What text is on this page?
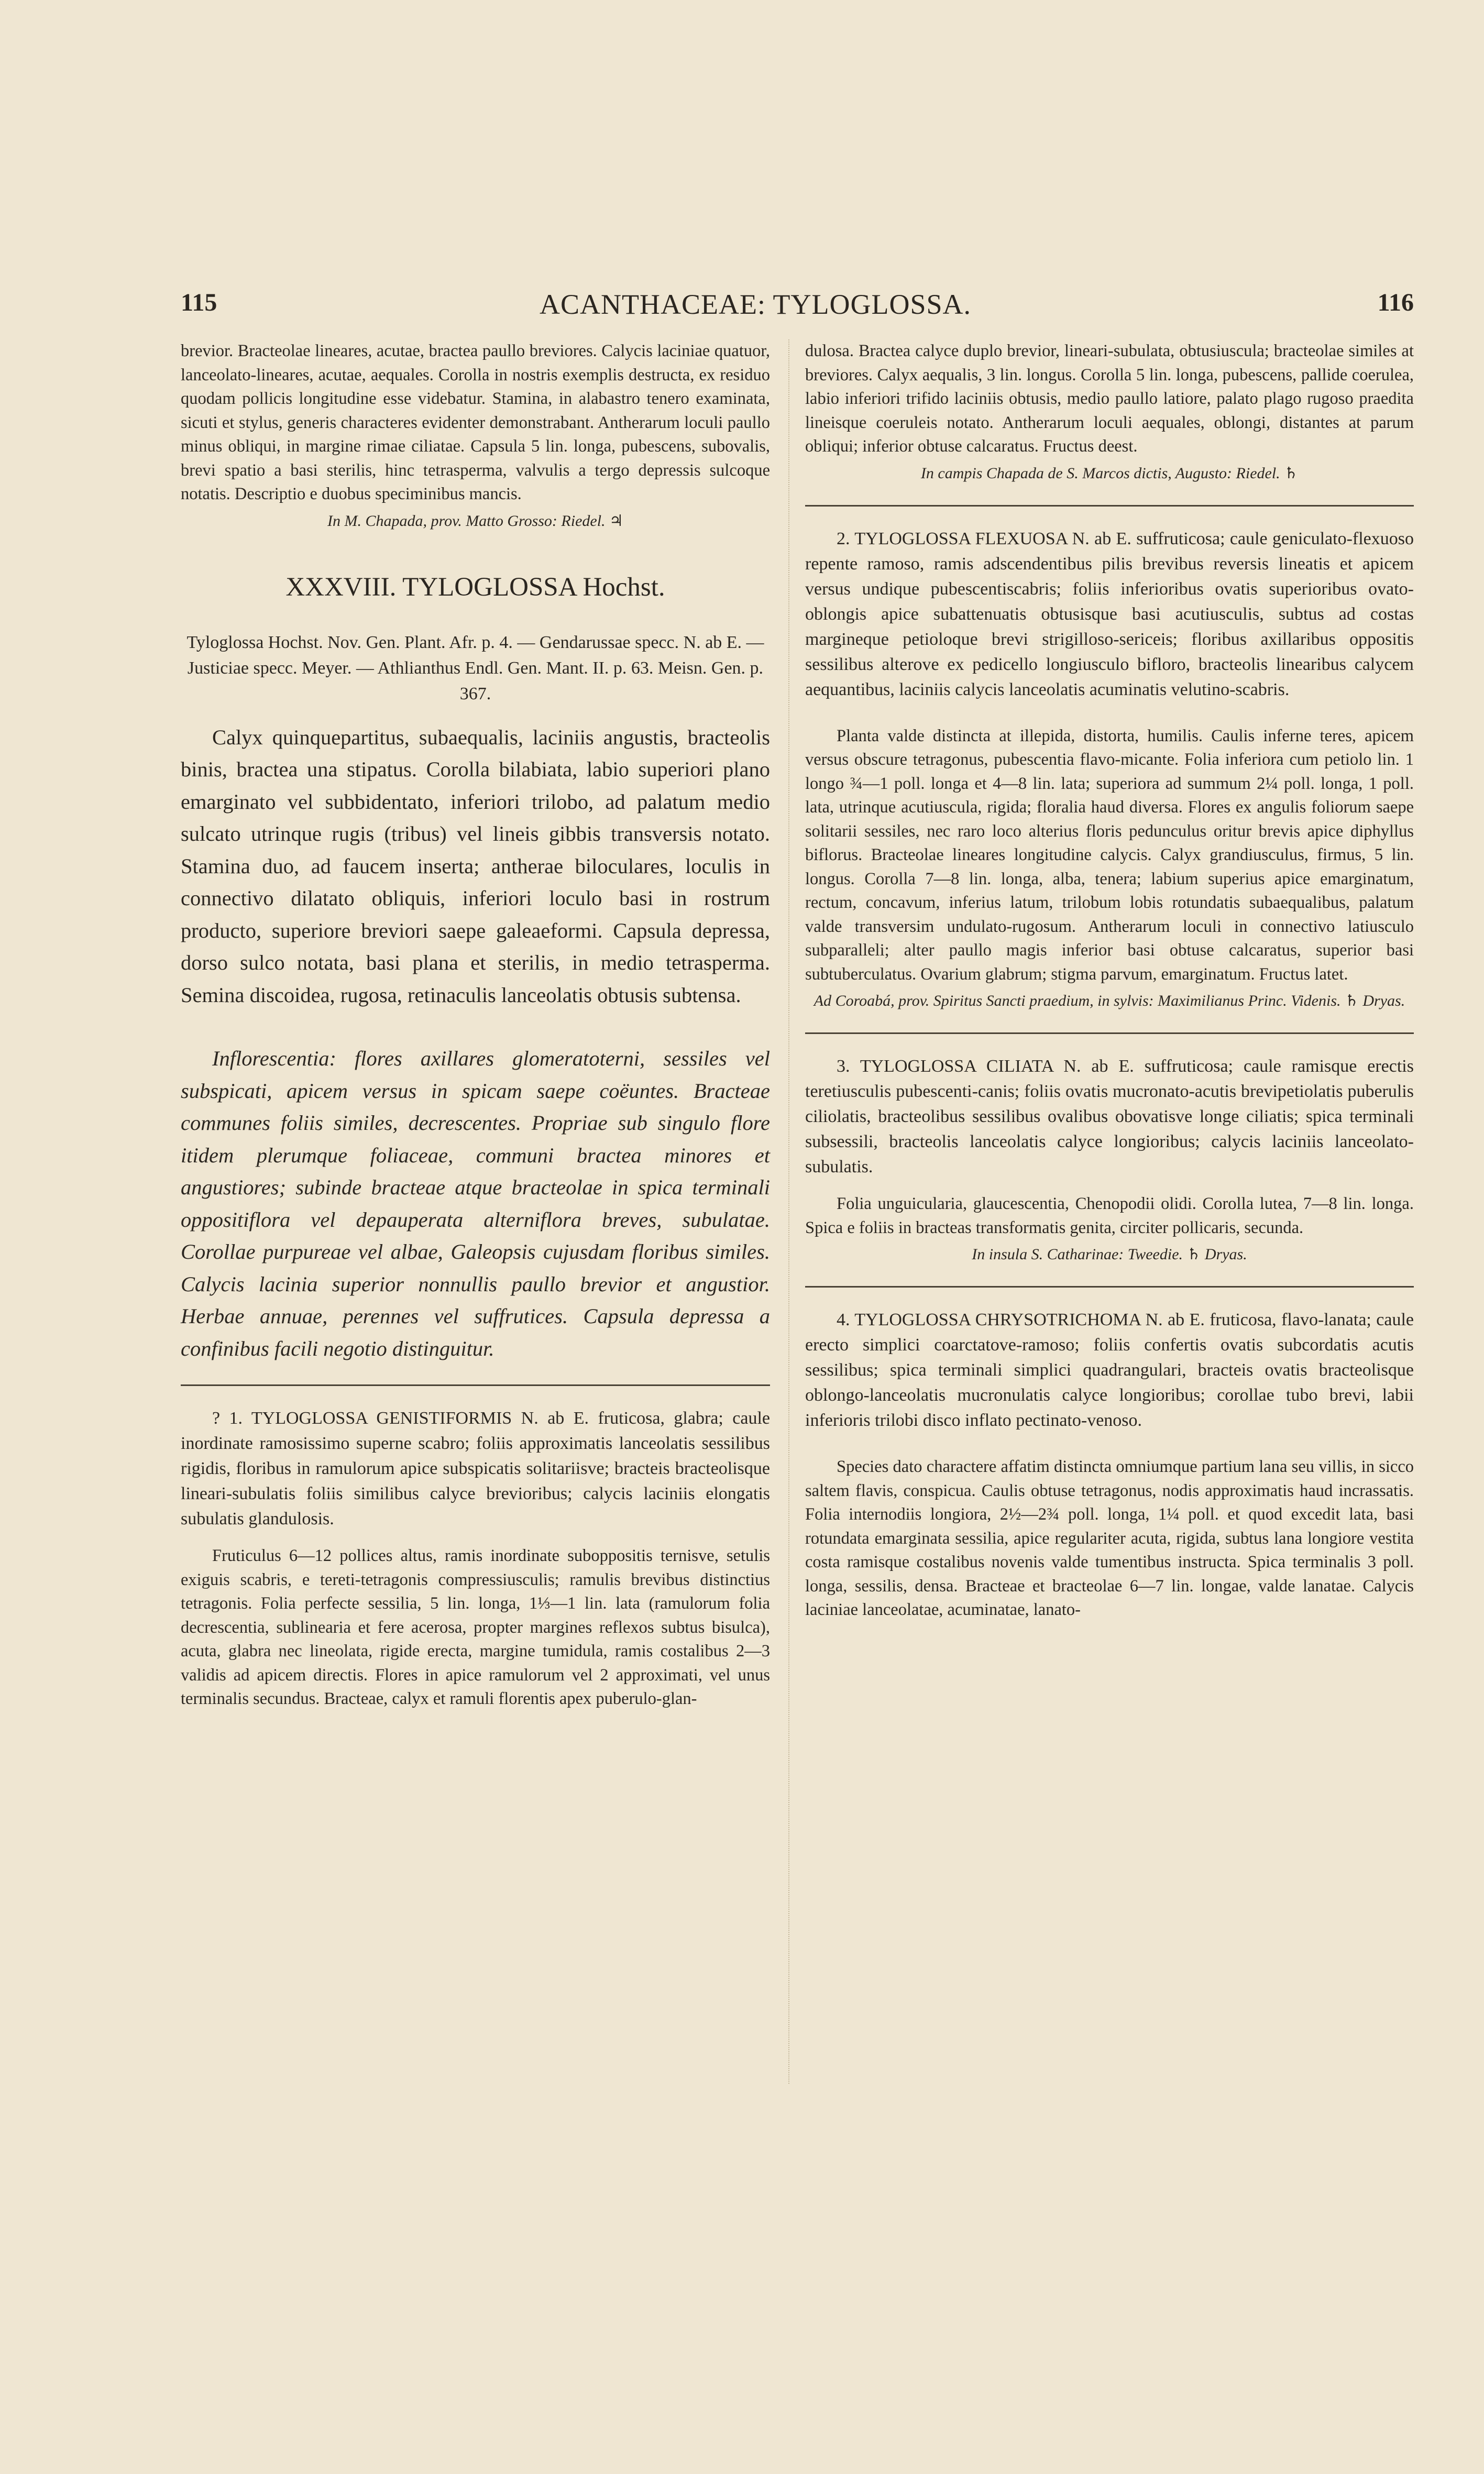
115	ACANTHACEAE: TYLOGLOSSA.	116

brevior. Bracteolae lineares, acutae, bractea paullo breviores. Calycis laciniae quatuor, lanceolato-lineares, acutae, aequales. Corolla in nostris exemplis destructa, ex residuo quodam pollicis longitudine esse videbatur. Stamina, in alabastro tenero examinata, sicuti et stylus, generis characteres evidenter demonstrabant. Antherarum loculi paullo minus obliqui, in margine rimae ciliatae. Capsula 5 lin. longa, pubescens, subovalis, brevi spatio a basi sterilis, hinc tetrasperma, valvulis a tergo depressis sulcoque notatis. Descriptio e duobus speciminibus mancis.

In M. Chapada, prov. Matto Grosso: Riedel. ♃

XXXVIII. TYLOGLOSSA Hochst.

Tyloglossa Hochst. Nov. Gen. Plant. Afr. p. 4. — Gendarussae specc. N. ab E. — Justiciae specc. Meyer. — Athlianthus Endl. Gen. Mant. II. p. 63. Meisn. Gen. p. 367.

Calyx quinquepartitus, subaequalis, laciniis angustis, bracteolis binis, bractea una stipatus. Corolla bilabiata, labio superiori plano emarginato vel subbidentato, inferiori trilobo, ad palatum medio sulcato utrinque rugis (tribus) vel lineis gibbis transversis notato. Stamina duo, ad faucem inserta; antherae biloculares, loculis in connectivo dilatato obliquis, inferiori loculo basi in rostrum producto, superiore breviori saepe galeaeformi. Capsula depressa, dorso sulco notata, basi plana et sterilis, in medio tetrasperma. Semina discoidea, rugosa, retinaculis lanceolatis obtusis subtensa.

Inflorescentia: flores axillares glomeratoterni, sessiles vel subspicati, apicem versus in spicam saepe coëuntes. Bracteae communes foliis similes, decrescentes. Propriae sub singulo flore itidem plerumque foliaceae, communi bractea minores et angustiores; subinde bracteae atque bracteolae in spica terminali oppositiflora vel depauperata alterniflora breves, subulatae. Corollae purpureae vel albae, Galeopsis cujusdam floribus similes. Calycis lacinia superior nonnullis paullo brevior et angustior. Herbae annuae, perennes vel suffrutices. Capsula depressa a confinibus facili negotio distinguitur.

? 1. TYLOGLOSSA GENISTIFORMIS N. ab E. fruticosa, glabra; caule inordinate ramosissimo superne scabro; foliis approximatis lanceolatis sessilibus rigidis, floribus in ramulorum apice subspicatis solitariisve; bracteis bracteolisque lineari-subulatis foliis similibus calyce brevioribus; calycis laciniis elongatis subulatis glandulosis.

Fruticulus 6—12 pollices altus, ramis inordinate suboppositis ternisve, setulis exiguis scabris, e tereti-tetragonis compressiusculis; ramulis brevibus distinctius tetragonis. Folia perfecte sessilia, 5 lin. longa, 1⅓—1 lin. lata (ramulorum folia decrescentia, sublinearia et fere acerosa, propter margines reflexos subtus bisulca), acuta, glabra nec lineolata, rigide erecta, margine tumidula, ramis costalibus 2—3 validis ad apicem directis. Flores in apice ramulorum vel 2 approximati, vel unus terminalis secundus. Bracteae, calyx et ramuli florentis apex puberulo-glan-

dulosa. Bractea calyce duplo brevior, lineari-subulata, obtusiuscula; bracteolae similes at breviores. Calyx aequalis, 3 lin. longus. Corolla 5 lin. longa, pubescens, pallide coerulea, labio inferiori trifido laciniis obtusis, medio paullo latiore, palato plago rugoso praedita lineisque coeruleis notato. Antherarum loculi aequales, oblongi, distantes at parum obliqui; inferior obtuse calcaratus. Fructus deest.

In campis Chapada de S. Marcos dictis, Augusto: Riedel. ♄

2. TYLOGLOSSA FLEXUOSA N. ab E. suffruticosa; caule geniculato-flexuoso repente ramoso, ramis adscendentibus pilis brevibus reversis lineatis et apicem versus undique pubescentiscabris; foliis inferioribus ovatis superioribus ovato-oblongis apice subattenuatis obtusisque basi acutiusculis, subtus ad costas margineque petioloque brevi strigilloso-sericeis; floribus axillaribus oppositis sessilibus alterove ex pedicello longiusculo bifloro, bracteolis linearibus calycem aequantibus, laciniis calycis lanceolatis acuminatis velutino-scabris.

Planta valde distincta at illepida, distorta, humilis. Caulis inferne teres, apicem versus obscure tetragonus, pubescentia flavo-micante. Folia inferiora cum petiolo lin. 1 longo ¾—1 poll. longa et 4—8 lin. lata; superiora ad summum 2¼ poll. longa, 1 poll. lata, utrinque acutiuscula, rigida; floralia haud diversa. Flores ex angulis foliorum saepe solitarii sessiles, nec raro loco alterius floris pedunculus oritur brevis apice diphyllus biflorus. Bracteolae lineares longitudine calycis. Calyx grandiusculus, firmus, 5 lin. longus. Corolla 7—8 lin. longa, alba, tenera; labium superius apice emarginatum, rectum, concavum, inferius latum, trilobum lobis rotundatis subaequalibus, palatum valde transversim undulato-rugosum. Antherarum loculi in connectivo latiusculo subparalleli; alter paullo magis inferior basi obtuse calcaratus, superior basi subtuberculatus. Ovarium glabrum; stigma parvum, emarginatum. Fructus latet.

Ad Coroabá, prov. Spiritus Sancti praedium, in sylvis: Maximilianus Princ. Videnis. ♄ Dryas.

3. TYLOGLOSSA CILIATA N. ab E. suffruticosa; caule ramisque erectis teretiusculis pubescenti-canis; foliis ovatis mucronato-acutis brevipetiolatis puberulis ciliolatis, bracteolibus sessilibus ovalibus obovatisve longe ciliatis; spica terminali subsessili, bracteolis lanceolatis calyce longioribus; calycis laciniis lanceolato-subulatis.

Folia unguicularia, glaucescentia, Chenopodii olidi. Corolla lutea, 7—8 lin. longa. Spica e foliis in bracteas transformatis genita, circiter pollicaris, secunda.

In insula S. Catharinae: Tweedie. ♄ Dryas.

4. TYLOGLOSSA CHRYSOTRICHOMA N. ab E. fruticosa, flavo-lanata; caule erecto simplici coarctatove-ramoso; foliis confertis ovatis subcordatis acutis sessilibus; spica terminali simplici quadrangulari, bracteis ovatis bracteolisque oblongo-lanceolatis mucronulatis calyce longioribus; corollae tubo brevi, labii inferioris trilobi disco inflato pectinato-venoso.

Species dato charactere affatim distincta omniumque partium lana seu villis, in sicco saltem flavis, conspicua. Caulis obtuse tetragonus, nodis approximatis haud incrassatis. Folia internodiis longiora, 2½—2¾ poll. longa, 1¼ poll. et quod excedit lata, basi rotundata emarginata sessilia, apice regulariter acuta, rigida, subtus lana longiore vestita costa ramisque costalibus novenis valde tumentibus instructa. Spica terminalis 3 poll. longa, sessilis, densa. Bracteae et bracteolae 6—7 lin. longae, valde lanatae. Calycis laciniae lanceolatae, acuminatae, lanato-
